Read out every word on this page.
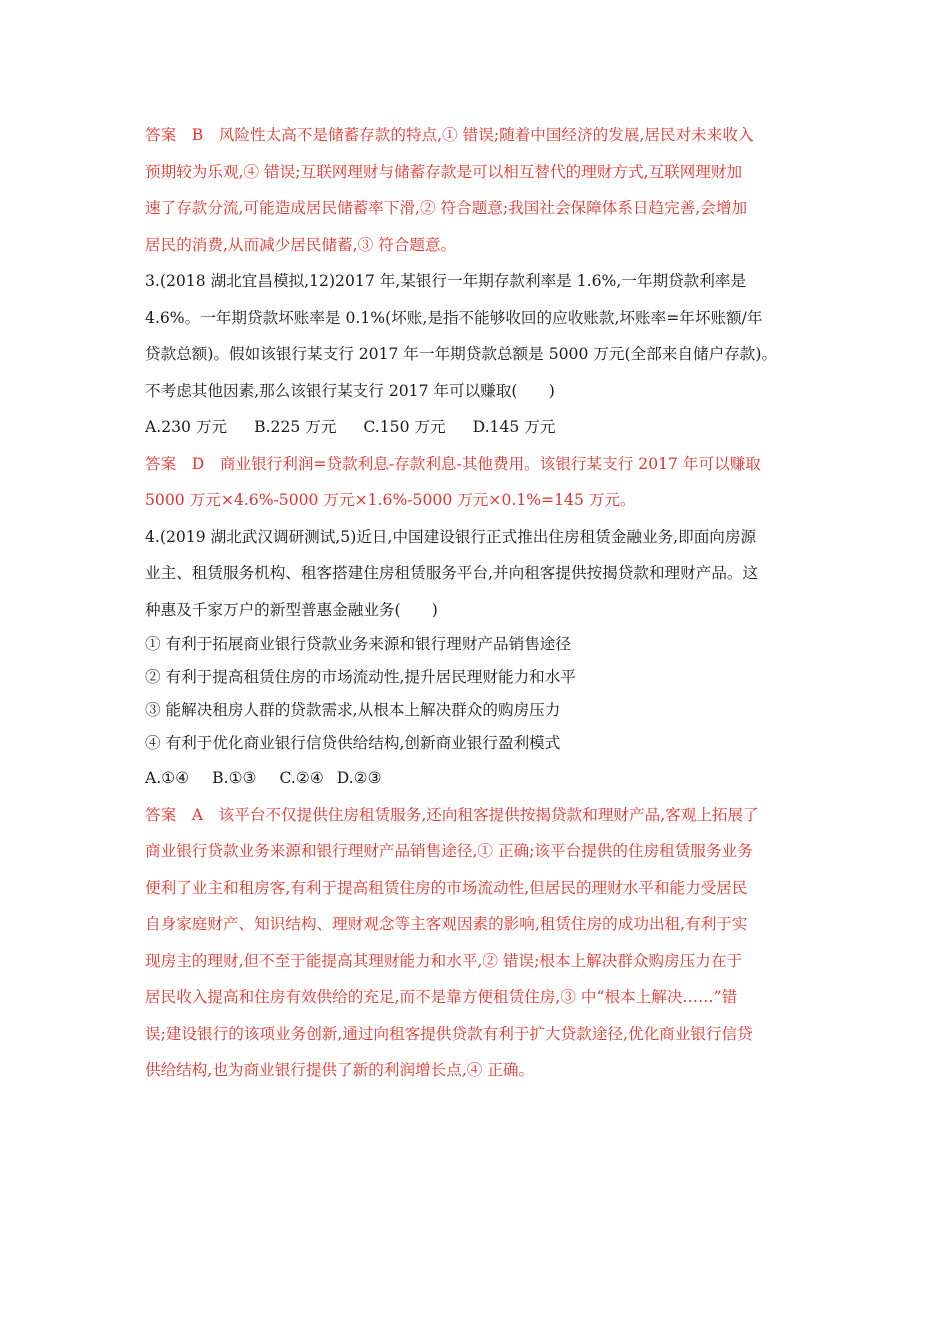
答案　B　风险性太高不是储蓄存款的特点,① 错误;随着中国经济的发展,居民对未来收入
预期较为乐观,④ 错误;互联网理财与储蓄存款是可以相互替代的理财方式,互联网理财加
速了存款分流,可能造成居民储蓄率下滑,② 符合题意;我国社会保障体系日趋完善,会增加
居民的消费,从而减少居民储蓄,③ 符合题意。
3.(2018 湖北宜昌模拟,12)2017 年,某银行一年期存款利率是 1.6%,一年期贷款利率是
4.6%。一年期贷款坏账率是 0.1%(坏账,是指不能够收回的应收账款,坏账率=年坏账额/年
贷款总额)。假如该银行某支行 2017 年一年期贷款总额是 5000 万元(全部来自储户存款)。
不考虑其他因素,那么该银行某支行 2017 年可以赚取(　　)
A.230 万元 B.225 万元 C.150 万元 D.145 万元
答案　D　商业银行利润=贷款利息-存款利息-其他费用。该银行某支行 2017 年可以赚取
5000 万元×4.6%-5000 万元×1.6%-5000 万元×0.1%=145 万元。
4.(2019 湖北武汉调研测试,5)近日,中国建设银行正式推出住房租赁金融业务,即面向房源
业主、租赁服务机构、租客搭建住房租赁服务平台,并向租客提供按揭贷款和理财产品。这
种惠及千家万户的新型普惠金融业务(　　)
① 有利于拓展商业银行贷款业务来源和银行理财产品销售途径
② 有利于提高租赁住房的市场流动性,提升居民理财能力和水平
③ 能解决租房人群的贷款需求,从根本上解决群众的购房压力
④ 有利于优化商业银行信贷供给结构,创新商业银行盈利模式
A.①④ B.①③ C.②④ D.②③
答案　A　该平台不仅提供住房租赁服务,还向租客提供按揭贷款和理财产品,客观上拓展了
商业银行贷款业务来源和银行理财产品销售途径,① 正确;该平台提供的住房租赁服务业务
便利了业主和租房客,有利于提高租赁住房的市场流动性,但居民的理财水平和能力受居民
自身家庭财产、知识结构、理财观念等主客观因素的影响,租赁住房的成功出租,有利于实
现房主的理财,但不至于能提高其理财能力和水平,② 错误;根本上解决群众购房压力在于
居民收入提高和住房有效供给的充足,而不是靠方便租赁住房,③ 中“根本上解决……”错
误;建设银行的该项业务创新,通过向租客提供贷款有利于扩大贷款途径,优化商业银行信贷
供给结构,也为商业银行提供了新的利润增长点,④ 正确。
